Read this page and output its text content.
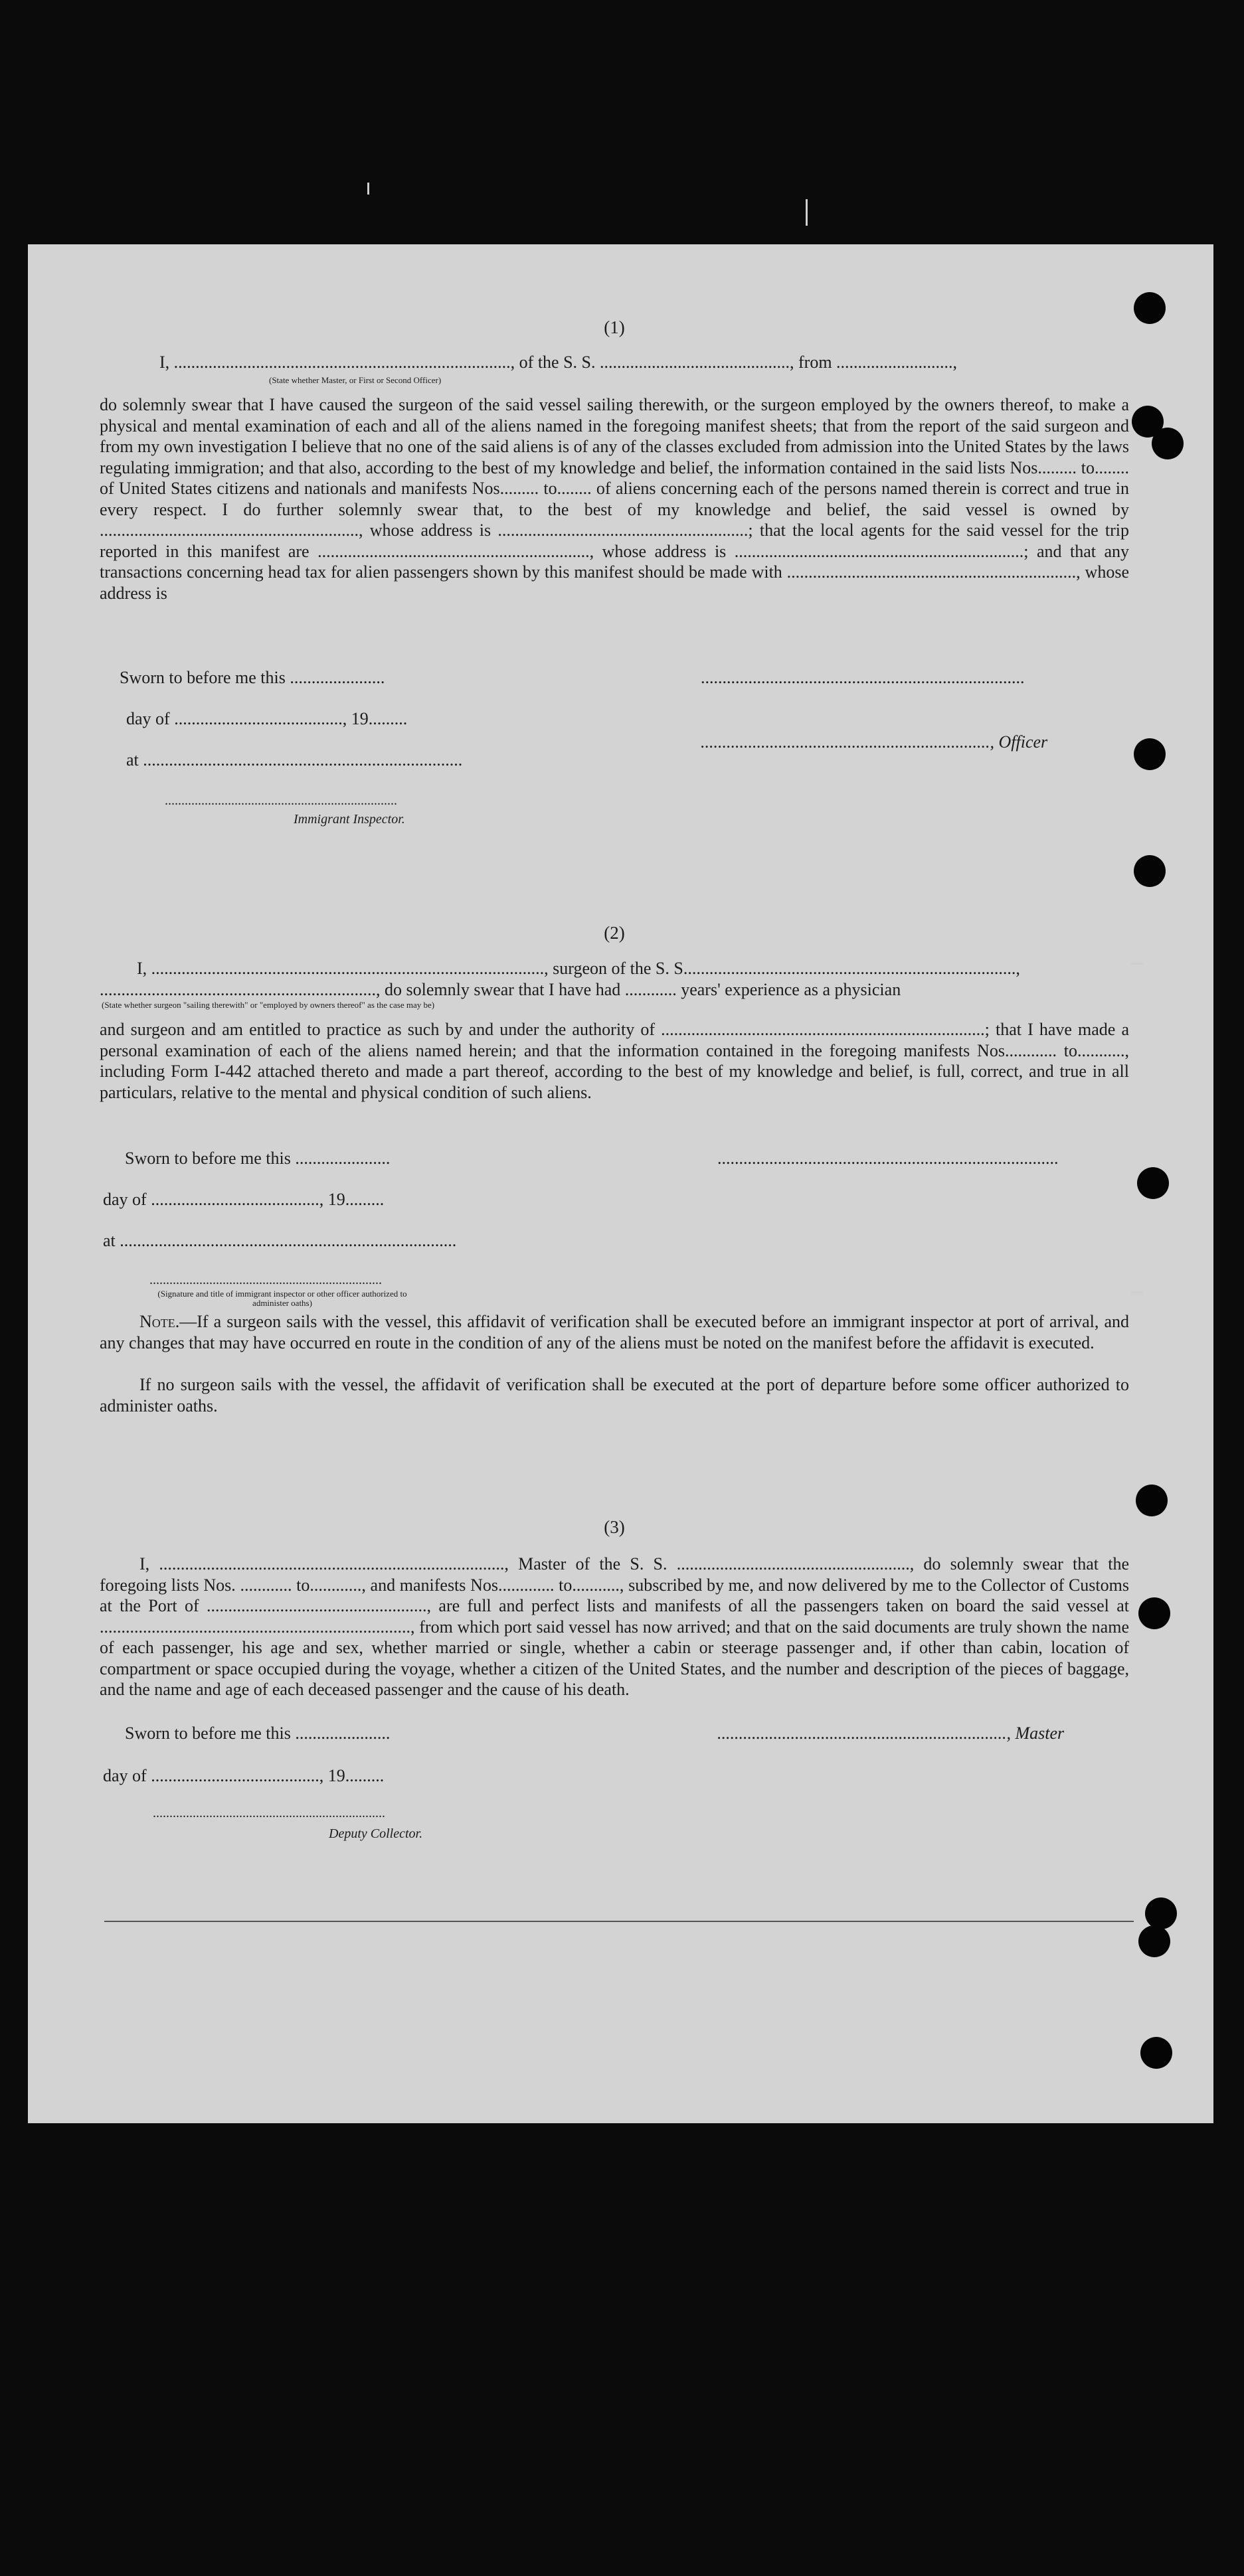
(1)
I, .............................................................................., of the S. S. ............................................, from ...........................,
(State whether Master, or First or Second Officer)
do solemnly swear that I have caused the surgeon of the said vessel sailing therewith, or the surgeon employed by the owners thereof, to make a physical and mental examination of each and all of the aliens named in the foregoing manifest sheets; that from the report of the said surgeon and from my own investigation I believe that no one of the said aliens is of any of the classes excluded from admission into the United States by the laws regulating immigration; and that also, according to the best of my knowledge and belief, the information contained in the said lists Nos......... to........ of United States citizens and nationals and manifests Nos......... to........ of aliens concerning each of the persons named therein is correct and true in every respect. I do further solemnly swear that, to the best of my knowledge and belief, the said vessel is owned by ............................................................, whose address is ..........................................................; that the local agents for the said vessel for the trip reported in this manifest are ..............................................................., whose address is ...................................................................; and that any transactions concerning head tax for alien passengers shown by this manifest should be made with ..................................................................., whose address is
Sworn to before me this ......................	...........................................................................
day of ......................................., 19.........
..................................................................., Officer
at ..........................................................................
......................................................................
Immigrant Inspector.
(2)
I, ..........................................................................................., surgeon of the S. S.............................................................................,
................................................................, do solemnly swear that I have had ............ years' experience as a physician
(State whether surgeon "sailing therewith" or "employed by owners thereof" as the case may be)
and surgeon and am entitled to practice as such by and under the authority of ...........................................................................; that I have made a personal examination of each of the aliens named herein; and that the information contained in the foregoing manifests Nos............ to..........., including Form I-442 attached thereto and made a part thereof, according to the best of my knowledge and belief, is full, correct, and true in all particulars, relative to the mental and physical condition of such aliens.
Sworn to before me this ......................	...............................................................................
day of ......................................., 19.........
at ..............................................................................
......................................................................
(Signature and title of immigrant inspector or other officer authorized to administer oaths)
Note.—If a surgeon sails with the vessel, this affidavit of verification shall be executed before an immigrant inspector at port of arrival, and any changes that may have occurred en route in the condition of any of the aliens must be noted on the manifest before the affidavit is executed.
If no surgeon sails with the vessel, the affidavit of verification shall be executed at the port of departure before some officer authorized to administer oaths.
(3)
I, ................................................................................, Master of the S. S. ......................................................, do solemnly swear that the foregoing lists Nos. ............ to............, and manifests Nos............. to..........., subscribed by me, and now delivered by me to the Collector of Customs at the Port of ..................................................., are full and perfect lists and manifests of all the passengers taken on board the said vessel at ........................................................................, from which port said vessel has now arrived; and that on the said documents are truly shown the name of each passenger, his age and sex, whether married or single, whether a cabin or steerage passenger and, if other than cabin, location of compartment or space occupied during the voyage, whether a citizen of the United States, and the number and description of the pieces of baggage, and the name and age of each deceased passenger and the cause of his death.
Sworn to before me this ......................	..................................................................., Master
day of ......................................., 19.........
......................................................................
Deputy Collector.
